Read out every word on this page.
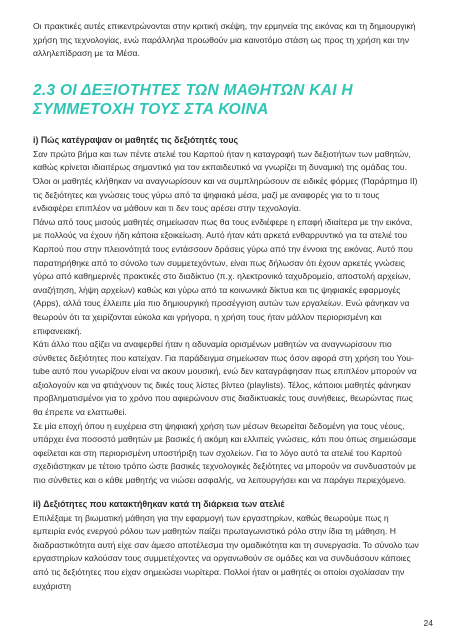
Οι πρακτικές αυτές επικεντρώνονται στην κριτική σκέψη, την ερμηνεία της εικόνας και τη δημιουργική χρήση της τεχνολογίας, ενώ παράλληλα προωθούν μια καινοτόμο στάση ως προς τη χρήση και την αλληλεπίδραση με τα Μέσα.

2.3 ΟΙ ΔΕΞΙΟΤΗΤΕΣ ΤΩΝ ΜΑΘΗΤΩΝ ΚΑΙ Η ΣΥΜΜΕΤΟΧΗ ΤΟΥΣ ΣΤΑ ΚΟΙΝΑ
i) Πώς κατέγραψαν οι μαθητές τις δεξιότητές τους

Σαν πρώτο βήμα και των πέντε ατελιέ του Καρπού ήταν η καταγραφή των δεξιοτήτων των μαθητών, καθώς κρίνεται ιδιαιτέρως σημαντικό για τον εκπαιδευτικό να γνωρίζει τη δυναμική της ομάδας του.

Όλοι οι μαθητές κλήθηκαν να αναγνωρίσουν και να συμπληρώσουν σε ειδικές φόρμες (Παράρτημα II) τις δεξιότητες και γνώσεις τους γύρω από τα ψηφιακά μέσα, μαζί με αναφορές για το τι τους ενδιαφέρει επιπλέον να μάθουν και τι δεν τους αρέσει στην τεχνολογία.

Πάνω από τους μισούς μαθητές σημείωσαν πως θα τους ενδιέφερε η επαφή ιδιαίτερα με την εικόνα, με πολλούς να έχουν ήδη κάποια εξοικείωση. Αυτό ήταν κάτι αρκετά ενθαρρυντικό για τα ατελιέ του Καρπού που στην πλειονότητά τους εντάσσουν δράσεις γύρω από την έννοια της εικόνας. Αυτό που παρατηρήθηκε από το σύνολο των συμμετεχόντων, είναι πως δήλωσαν ότι έχουν αρκετές γνώσεις γύρω από καθημερινές πρακτικές στο διαδίκτυο (π.χ. ηλεκτρονικό ταχυδρομείο, αποστολή αρχείων, αναζήτηση, λήψη αρχείων) καθώς και γύρω από τα κοινωνικά δίκτυα και τις ψηφιακές εφαρμογές (Apps), αλλά τους έλλειπε μία πιο δημιουργική προσέγγιση αυτών των εργαλείων. Ενώ φάνηκαν να θεωρούν ότι τα χειρίζονται εύκολα και γρήγορα, η χρήση τους ήταν μάλλον περιορισμένη και επιφανειακή.

Κάτι άλλο που αξίζει να αναφερθεί ήταν η αδυναμία ορισμένων μαθητών να αναγνωρίσουν πιο σύνθετες δεξιότητες που κατείχαν. Για παράδειγμα σημείωσαν πως όσον αφορά στη χρήση του You-tube αυτό που γνωρίζουν είναι να ακουν μουσική, ενώ δεν καταγράφησαν πως επιπλέον μπορούν να αξιολογούν και να φτιάχνουν τις δικές τους λίστες βίντεο (playlists). Τέλος, κάποιοι μαθητές φάνηκαν προβληματισμένοι για το χρόνο που αφιερώνουν στις διαδικτυακές τους συνήθειες, θεωρώντας πως θα έπρεπε να ελαττωθεί.

Σε μία εποχή όπου η ευχέρεια στη ψηφιακή χρήση των μέσων θεωρείται δεδομένη για τους νέους, υπάρχει ένα ποσοστό μαθητών με βασικές ή ακόμη και ελλιπείς γνώσεις, κάτι που όπως σημειώσαμε οφείλεται και στη περιορισμένη υποστήριξη των σχολείων. Για το λόγο αυτό τα ατελιέ του Καρπού σχεδιάστηκαν με τέτοιο τρόπο ώστε βασικές τεχνολογικές δεξιότητες να μπορούν να συνδυαστούν με πιο σύνθετες και ο κάθε μαθητής να νιώσει ασφαλής, να λειτουργήσει και να παράγει περιεχόμενο.

ii) Δεξιότητες που κατακτήθηκαν κατά τη διάρκεια των ατελιέ

Επιλέξαμε τη βιωματική μάθηση για την εφαρμογή των εργαστηρίων, καθώς θεωρούμε πως η εμπειρία ενός ενεργού ρόλου των μαθητών παίζει πρωταγωνιστικό ρόλο στην ίδια τη μάθηση. Η διαδραστικότητα αυτή είχε σαν άμεσο αποτέλεσμα την ομαδικότητα και τη συνεργασία. Το σύνολο των εργαστηρίων καλούσαν τους συμμετέχοντες να οργανωθούν σε ομάδες και να συνδυάσουν κάποιες από τις δεξιότητες που είχαν σημειώσει νωρίτερα. Πολλοί ήταν οι μαθητές οι οποίοι σχολίασαν την ευχάριστη

24
